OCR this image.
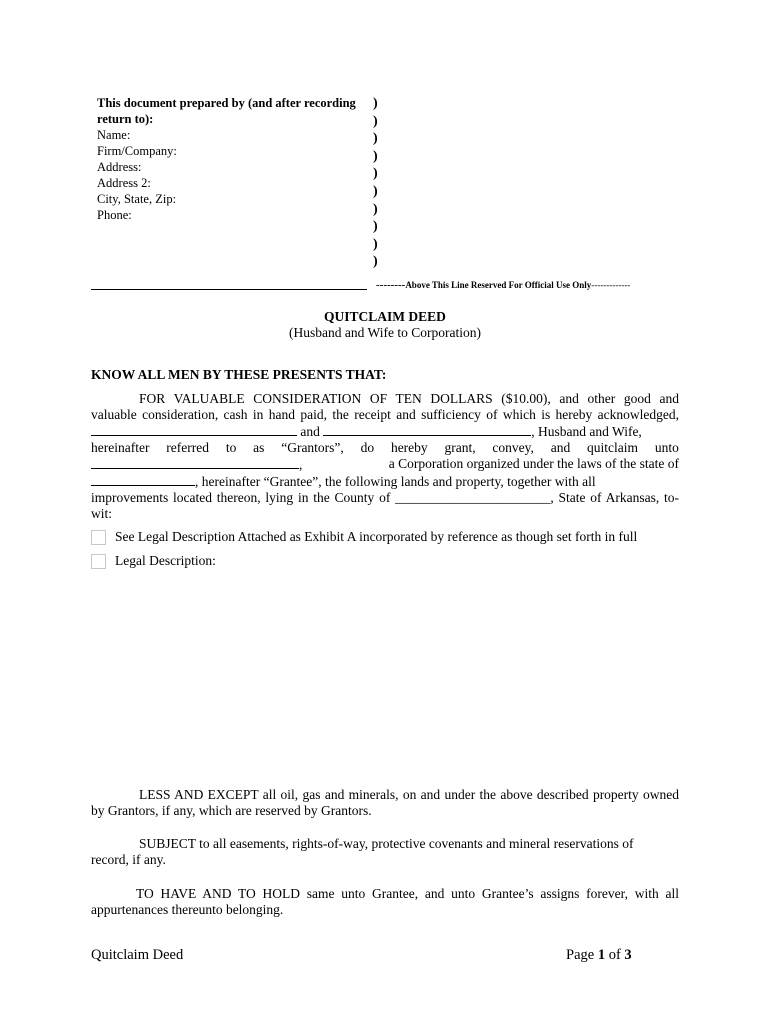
This document prepared by (and after recording
return to):
Name:
Firm/Company:
Address:
Address 2:
City, State, Zip:
Phone:
)
)
)
)
)
)
)
)
)
)
--------Above This Line Reserved For Official Use Only-------------
QUITCLAIM DEED
(Husband and Wife to Corporation)
KNOW ALL MEN BY THESE PRESENTS THAT:
FOR VALUABLE CONSIDERATION OF TEN DOLLARS ($10.00), and other good and
valuable consideration, cash in hand paid, the receipt and sufficiency of which is hereby acknowledged,
and	, Husband and Wife,
hereinafter referred to as “Grantors”, do hereby grant, convey, and quitclaim unto
,	a Corporation organized under the laws of the state of
, hereinafter “Grantee”, the following lands and property, together with all
improvements located thereon, lying in the County of _______________________, State of Arkansas, to-
wit:
See Legal Description Attached as Exhibit A incorporated by reference as though set forth in full
Legal Description:
LESS AND EXCEPT all oil, gas and minerals, on and under the above described property owned
by Grantors, if any, which are reserved by Grantors.
SUBJECT to all easements, rights-of-way, protective covenants and mineral reservations of
record, if any.
TO HAVE AND TO HOLD same unto Grantee, and unto Grantee’s assigns forever, with all
appurtenances thereunto belonging.
Quitclaim Deed	Page 1 of 3
